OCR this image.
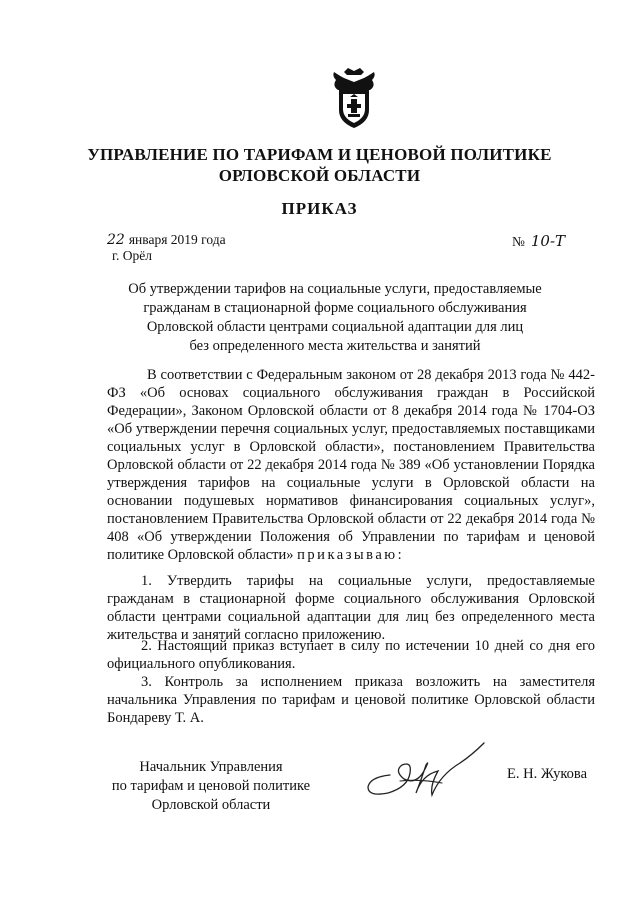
УПРАВЛЕНИЕ ПО ТАРИФАМ И ЦЕНОВОЙ ПОЛИТИКЕ
ОРЛОВСКОЙ ОБЛАСТИ
ПРИКАЗ
22 января 2019 года
г. Орёл
№ 10-Т
Об утверждении тарифов на социальные услуги, предоставляемые
гражданам в стационарной форме социального обслуживания
Орловской области центрами социальной адаптации для лиц
без определенного места жительства и занятий
В соответствии с Федеральным законом от 28 декабря 2013 года № 442-ФЗ «Об основах социального обслуживания граждан в Российской Федерации», Законом Орловской области от 8 декабря 2014 года № 1704-ОЗ «Об утверждении перечня социальных услуг, предоставляемых поставщиками социальных услуг в Орловской области», постановлением Правительства Орловской области от 22 декабря 2014 года № 389 «Об установлении Порядка утверждения тарифов на социальные услуги в Орловской области на основании подушевых нормативов финансирования социальных услуг», постановлением Правительства Орловской области от 22 декабря 2014 года № 408 «Об утверждении Положения об Управлении по тарифам и ценовой политике Орловской области» приказываю:
1. Утвердить тарифы на социальные услуги, предоставляемые гражданам в стационарной форме социального обслуживания Орловской области центрами социальной адаптации для лиц без определенного места жительства и занятий согласно приложению.
2. Настоящий приказ вступает в силу по истечении 10 дней со дня его официального опубликования.
3. Контроль за исполнением приказа возложить на заместителя начальника Управления по тарифам и ценовой политике Орловской области Бондареву Т. А.
Начальник Управления
по тарифам и ценовой политике
Орловской области
Е. Н. Жукова
